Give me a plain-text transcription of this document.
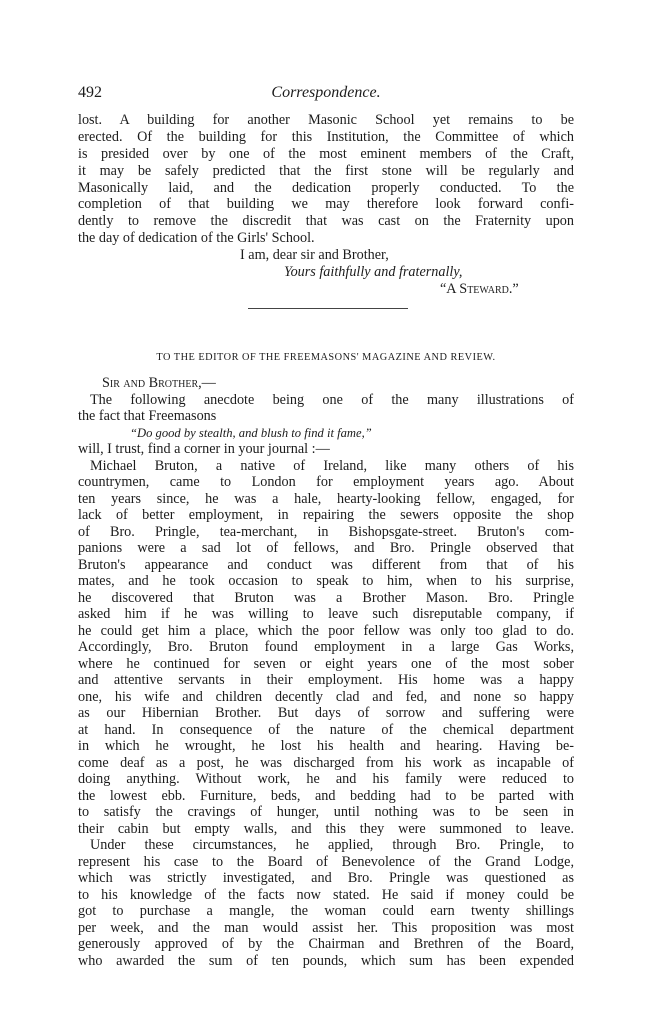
492	Correspondence.
lost. A building for another Masonic School yet remains to be
erected. Of the building for this Institution, the Committee of which
is presided over by one of the most eminent members of the Craft,
it may be safely predicted that the first stone will be regularly and
Masonically laid, and the dedication properly conducted. To the
completion of that building we may therefore look forward confi-
dently to remove the discredit that was cast on the Fraternity upon
the day of dedication of the Girls' School.
I am, dear sir and Brother,
Yours faithfully and fraternally,
“A Steward.”
TO THE EDITOR OF THE FREEMASONS' MAGAZINE AND REVIEW.
Sir and Brother,—
The following anecdote being one of the many illustrations of
the fact that Freemasons
“Do good by stealth, and blush to find it fame,”
will, I trust, find a corner in your journal :—
Michael Bruton, a native of Ireland, like many others of his
countrymen, came to London for employment years ago. About
ten years since, he was a hale, hearty-looking fellow, engaged, for
lack of better employment, in repairing the sewers opposite the shop
of Bro. Pringle, tea-merchant, in Bishopsgate-street. Bruton's com-
panions were a sad lot of fellows, and Bro. Pringle observed that
Bruton's appearance and conduct was different from that of his
mates, and he took occasion to speak to him, when to his surprise,
he discovered that Bruton was a Brother Mason. Bro. Pringle
asked him if he was willing to leave such disreputable company, if
he could get him a place, which the poor fellow was only too glad to do.
Accordingly, Bro. Bruton found employment in a large Gas Works,
where he continued for seven or eight years one of the most sober
and attentive servants in their employment. His home was a happy
one, his wife and children decently clad and fed, and none so happy
as our Hibernian Brother. But days of sorrow and suffering were
at hand. In consequence of the nature of the chemical department
in which he wrought, he lost his health and hearing. Having be-
come deaf as a post, he was discharged from his work as incapable of
doing anything. Without work, he and his family were reduced to
the lowest ebb. Furniture, beds, and bedding had to be parted with
to satisfy the cravings of hunger, until nothing was to be seen in
their cabin but empty walls, and this they were summoned to leave.
Under these circumstances, he applied, through Bro. Pringle, to
represent his case to the Board of Benevolence of the Grand Lodge,
which was strictly investigated, and Bro. Pringle was questioned as
to his knowledge of the facts now stated. He said if money could be
got to purchase a mangle, the woman could earn twenty shillings
per week, and the man would assist her. This proposition was most
generously approved of by the Chairman and Brethren of the Board,
who awarded the sum of ten pounds, which sum has been expended
